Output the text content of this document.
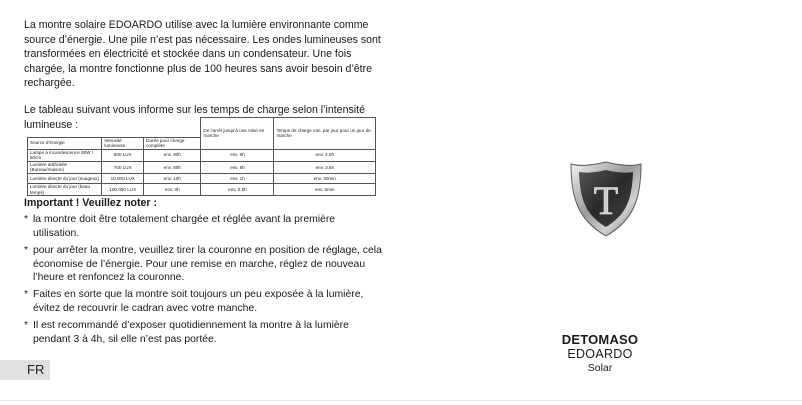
La montre solaire EDOARDO utilise avec la lumière environnante comme source d’énergie. Une pile n’est pas nécessaire. Les ondes lumineuses sont transformées en électricité et stockée dans un condensateur. Une fois chargée, la montre fonctionne plus de 100 heures sans avoir besoin d’être rechargée.

Le tableau suivant vous informe sur les temps de charge selon l’intensité lumineuse :

				De l’arrêt jusqu’à une mise en marche	Temps de charge min. par jour pour un jour de marche
Source d’énergie	Intensité lumineuse	Durée pour charge complète		
Lampe à incandescence 60W / 60cm	500 LUX	env. 90h	env. 9h	env. 4.0h
Lumière artificielle (Bureau/maison)	700 LUX	env. 80h	env. 8h	env. 3,5h
Lumière directe du jour (nuageux)	10.000 LUX	env. 10h	env. 1h	env. 30min
Lumière directe du jour (beau temps)	100.000 LUX	env. 3h	env. 0,5h	env. 5min
Important ! Veuillez noter :
* la montre doit être totalement chargée et réglée avant la première utilisation.
* pour arrêter la montre, veuillez tirer la couronne en position de réglage, cela économise de l’énergie. Pour une remise en marche, réglez de nouveau l’heure et renfoncez la couronne.
* Faites en sorte que la montre soit toujours un peu exposée à la lumière, évitez de recouvrir le cadran avec votre manche.
* Il est recommandé d’exposer quotidiennement la montre à la lumière pendant 3 à 4h, sil elle n’est pas portée.
FR
T
DETOMASO
EDOARDO
Solar
